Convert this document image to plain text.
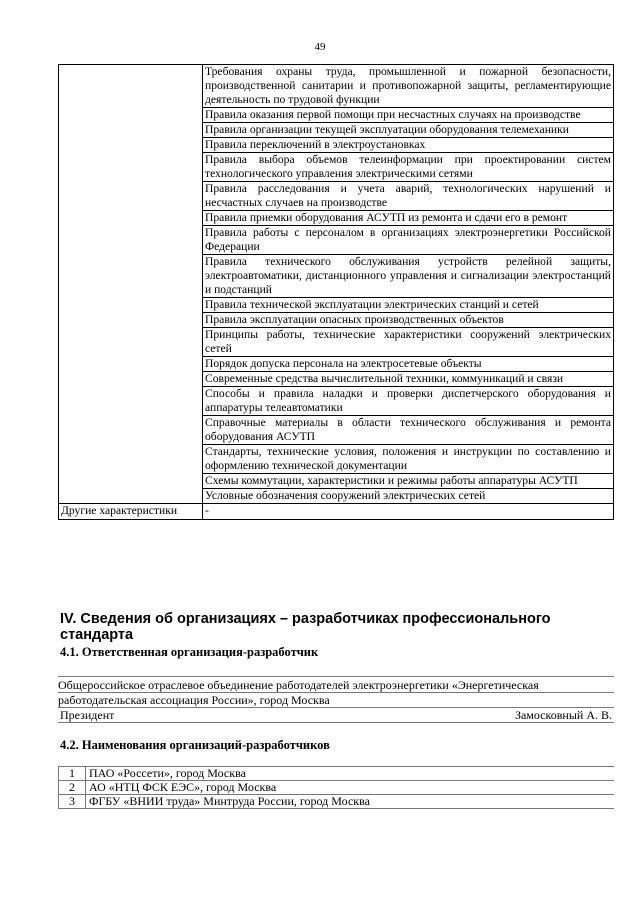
49
	Требования охраны труда, промышленной и пожарной безопасности, производственной санитарии и противопожарной защиты, регламентирующие деятельность по трудовой функции
	Правила оказания первой помощи при несчастных случаях на производстве
	Правила организации текущей эксплуатации оборудования телемеханики
	Правила переключений в электроустановках
	Правила выбора объемов телеинформации при проектировании систем технологического управления электрическими сетями
	Правила расследования и учета аварий, технологических нарушений и несчастных случаев на производстве
	Правила приемки оборудования АСУТП из ремонта и сдачи его в ремонт
	Правила работы с персоналом в организациях электроэнергетики Российской Федерации
	Правила технического обслуживания устройств релейной защиты, электроавтоматики, дистанционного управления и сигнализации электростанций и подстанций
	Правила технической эксплуатации электрических станций и сетей
	Правила эксплуатации опасных производственных объектов
	Принципы работы, технические характеристики сооружений электрических сетей
	Порядок допуска персонала на электросетевые объекты
	Современные средства вычислительной техники, коммуникаций и связи
	Способы и правила наладки и проверки диспетчерского оборудования и аппаратуры телеавтоматики
	Справочные материалы в области технического обслуживания и ремонта оборудования АСУТП
	Стандарты, технические условия, положения и инструкции по составлению и оформлению технической документации
	Схемы коммутации, характеристики и режимы работы аппаратуры АСУТП
	Условные обозначения сооружений электрических сетей
Другие характеристики	-
IV. Сведения об организациях – разработчиках профессионального стандарта
4.1. Ответственная организация-разработчик
Общероссийское отраслевое объединение работодателей электроэнергетики «Энергетическая
работодательская ассоциация России», город Москва
Президент	Замосковный А. В.
4.2. Наименования организаций-разработчиков
1	ПАО «Россети», город Москва
2	АО «НТЦ ФСК ЕЭС», город Москва
3	ФГБУ «ВНИИ труда» Минтруда России, город Москва
